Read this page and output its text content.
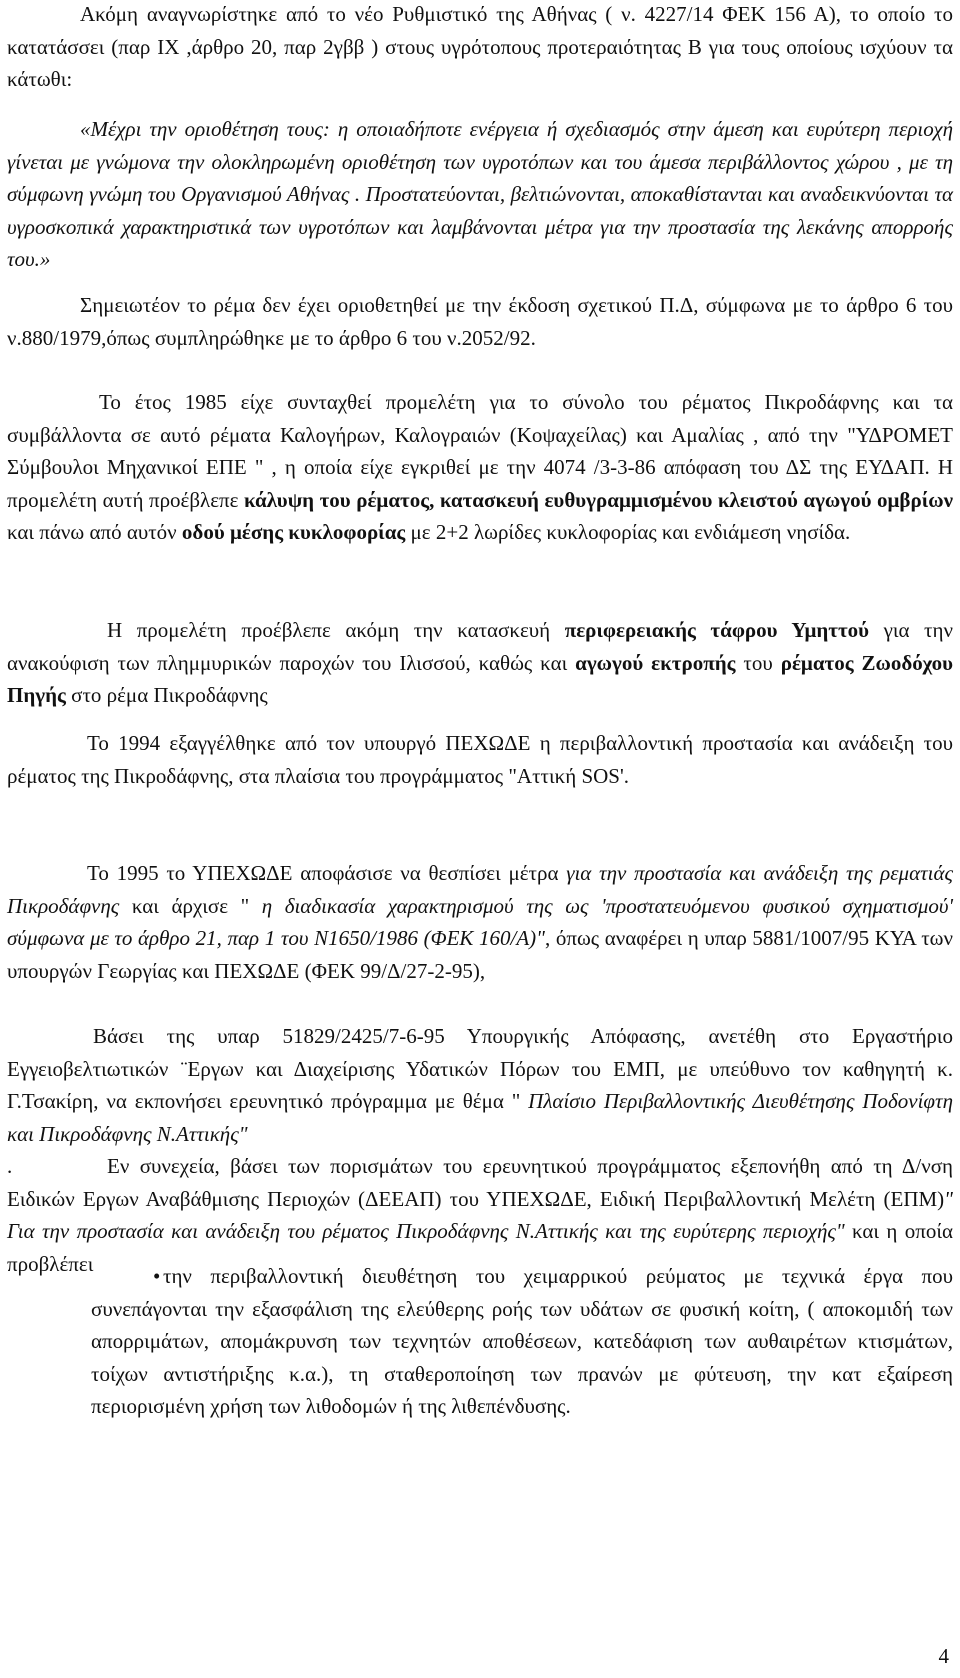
Ακόμη αναγνωρίστηκε από το νέο Ρυθμιστικό της Αθήνας ( ν. 4227/14 ΦΕΚ 156 Α), το οποίο το κατατάσσει (παρ ΙΧ ,άρθρο 20, παρ 2γββ ) στους υγρότοπους προτεραιότητας Β για τους οποίους ισχύουν τα κάτωθι:

«Μέχρι την οριοθέτηση τους: η οποιαδήποτε ενέργεια ή σχεδιασμός στην άμεση και ευρύτερη περιοχή γίνεται με γνώμονα την ολοκληρωμένη οριοθέτηση των υγροτόπων και του άμεσα περιβάλλοντος χώρου , με τη σύμφωνη γνώμη του Οργανισμού Αθήνας . Προστατεύονται, βελτιώνονται, αποκαθίστανται και αναδεικνύονται τα υγροσκοπικά χαρακτηριστικά των υγροτόπων και λαμβάνονται μέτρα για την προστασία της λεκάνης απορροής του.»

Σημειωτέον το ρέμα δεν έχει οριοθετηθεί με την έκδοση σχετικού Π.Δ, σύμφωνα με το άρθρο 6 του ν.880/1979,όπως συμπληρώθηκε με το άρθρο 6 του ν.2052/92.

Το έτος 1985 είχε συνταχθεί προμελέτη για το σύνολο του ρέματος Πικροδάφνης και τα συμβάλλοντα σε αυτό ρέματα Καλογήρων, Καλογραιών (Κοψαχείλας) και Αμαλίας , από την "ΥΔΡΟΜΕΤ Σύμβουλοι Μηχανικοί ΕΠΕ " , η οποία είχε εγκριθεί με την 4074 /3-3-86 απόφαση του ΔΣ της ΕΥΔΑΠ. Η προμελέτη αυτή προέβλεπε κάλυψη του ρέματος, κατασκευή ευθυγραμμισμένου κλειστού αγωγού ομβρίων και πάνω από αυτόν οδού μέσης κυκλοφορίας με 2+2 λωρίδες κυκλοφορίας και ενδιάμεση νησίδα.

Η προμελέτη προέβλεπε ακόμη την κατασκευή περιφερειακής τάφρου Υμηττού για την ανακούφιση των πλημμυρικών παροχών του Ιλισσού, καθώς και αγωγού εκτροπής του ρέματος Ζωοδόχου Πηγής στο ρέμα Πικροδάφνης

Το 1994 εξαγγέλθηκε από τον υπουργό ΠΕΧΩΔΕ η περιβαλλοντική προστασία και ανάδειξη του ρέματος της Πικροδάφνης, στα πλαίσια του προγράμματος "Αττική SOS'.

Το 1995 το ΥΠΕΧΩΔΕ αποφάσισε να θεσπίσει μέτρα για την προστασία και ανάδειξη της ρεματιάς Πικροδάφνης και άρχισε " η διαδικασία χαρακτηρισμού της ως 'προστατευόμενου φυσικού σχηματισμού' σύμφωνα με το άρθρο 21, παρ 1 του Ν1650/1986 (ΦΕΚ 160/Α)", όπως αναφέρει η υπαρ 5881/1007/95 ΚΥΑ των υπουργών Γεωργίας και ΠΕΧΩΔΕ (ΦΕΚ 99/Δ/27-2-95),

Βάσει της υπαρ 51829/2425/7-6-95 Υπουργικής Απόφασης, ανετέθη στο Εργαστήριο Εγγειοβελτιωτικών ¨Εργων και Διαχείρισης Υδατικών Πόρων του ΕΜΠ, με υπεύθυνο τον καθηγητή κ. Γ.Τσακίρη, να εκπονήσει ερευνητικό πρόγραμμα με θέμα " Πλαίσιο Περιβαλλοντικής Διευθέτησης Ποδονίφτη και Πικροδάφνης Ν.Αττικής"
.	Εν συνεχεία, βάσει των πορισμάτων του ερευνητικού προγράμματος εξεπονήθη από τη Δ/νση Ειδικών Εργων Αναβάθμισης Περιοχών (ΔΕΕΑΠ) του ΥΠΕΧΩΔΕ, Ειδική Περιβαλλοντική Μελέτη (ΕΠΜ)" Για την προστασία και ανάδειξη του ρέματος Πικροδάφνης Ν.Αττικής και της ευρύτερης περιοχής" και η οποία προβλέπει

• την περιβαλλοντική διευθέτηση του χειμαρρικού ρεύματος με τεχνικά έργα που συνεπάγονται την εξασφάλιση της ελεύθερης ροής των υδάτων σε φυσική κοίτη, ( αποκομιδή των απορριμάτων, απομάκρυνση των τεχνητών αποθέσεων, κατεδάφιση των αυθαιρέτων κτισμάτων, τοίχων αντιστήριξης κ.α.), τη σταθεροποίηση των πρανών με φύτευση, την κατ εξαίρεση περιορισμένη χρήση των λιθοδομών ή της λιθεπένδυσης.
4
